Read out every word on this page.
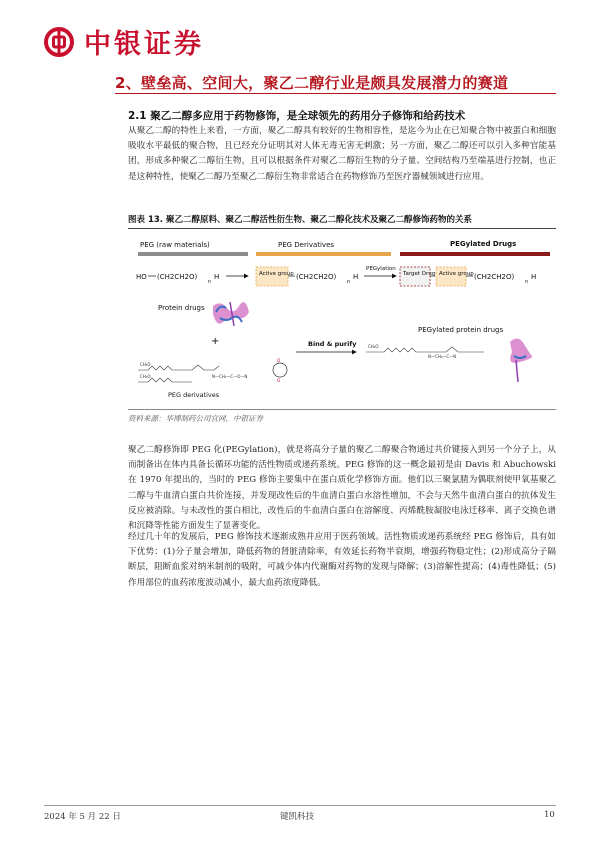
中银证券
2、壁垒高、空间大，聚乙二醇行业是颇具发展潜力的赛道
2.1 聚乙二醇多应用于药物修饰，是全球领先的药用分子修饰和给药技术

从聚乙二醇的特性上来看，一方面，聚乙二醇具有较好的生物相容性，是迄今为止在已知聚合物中被蛋白和细胞吸收水平最低的聚合物，且已经充分证明其对人体无毒无害无刺激；另一方面，聚乙二醇还可以引入多种官能基团，形成多种聚乙二醇衍生物，且可以根据条件对聚乙二醇衍生物的分子量、空间结构乃至端基进行控制，也正是这种特性，使聚乙二醇乃至聚乙二醇衍生物非常适合在药物修饰乃至医疗器械领域进行应用。

图表 13. 聚乙二醇原料、聚乙二醇活性衍生物、聚乙二醇化技术及聚乙二醇修饰药物的关系
PEG (raw materials)	PEG Derivatives	PEGylated Drugs
HO (CH2CH2O)
n
H	Active group (CH2CH2O)
n
H
PEGylation
Target Drug Active group (CH2CH2O)
n
H
Protein drugs
+	Bind & purify
PEGylated protein drugs
CH₃O
N—CH₂—C—N
CH₃O
CH₃O	N—CH₂—C—O—N
O
O
PEG derivatives
资料来源：华博制药公司官网，中银证券

聚乙二醇修饰即 PEG 化(PEGylation)，就是将高分子量的聚乙二醇聚合物通过共价键接入到另一个分子上，从而制备出在体内具备长循环功能的活性物质或递药系统。PEG 修饰的这一概念最初是由 Davis 和 Abuchowski 在 1970 年提出的，当时的 PEG 修饰主要集中在蛋白质化学修饰方面。他们以三聚氯腈为偶联剂使甲氧基聚乙二醇与牛血清白蛋白共价连接，并发现改性后的牛血清白蛋白水溶性增加，不会与天然牛血清白蛋白的抗体发生反应被消除。与未改性的蛋白相比，改性后的牛血清白蛋白在溶解度、丙烯酰胺凝胶电泳迁移率、离子交换色谱和沉降等性能方面发生了显著变化。

经过几十年的发展后，PEG 修饰技术逐渐成熟并应用于医药领域。活性物质或递药系统经 PEG 修饰后，具有如下优势：(1)分子量会增加，降低药物的肾脏清除率，有效延长药物半衰期，增强药物稳定性；(2)形成高分子隔断层，阻断血浆对纳米制剂的吸附，可减少体内代谢酶对药物的发现与降解；(3)溶解性提高；(4)毒性降低；(5)作用部位的血药浓度波动减小，最大血药浓度降低。

2024 年 5 月 22 日	键凯科技	10
